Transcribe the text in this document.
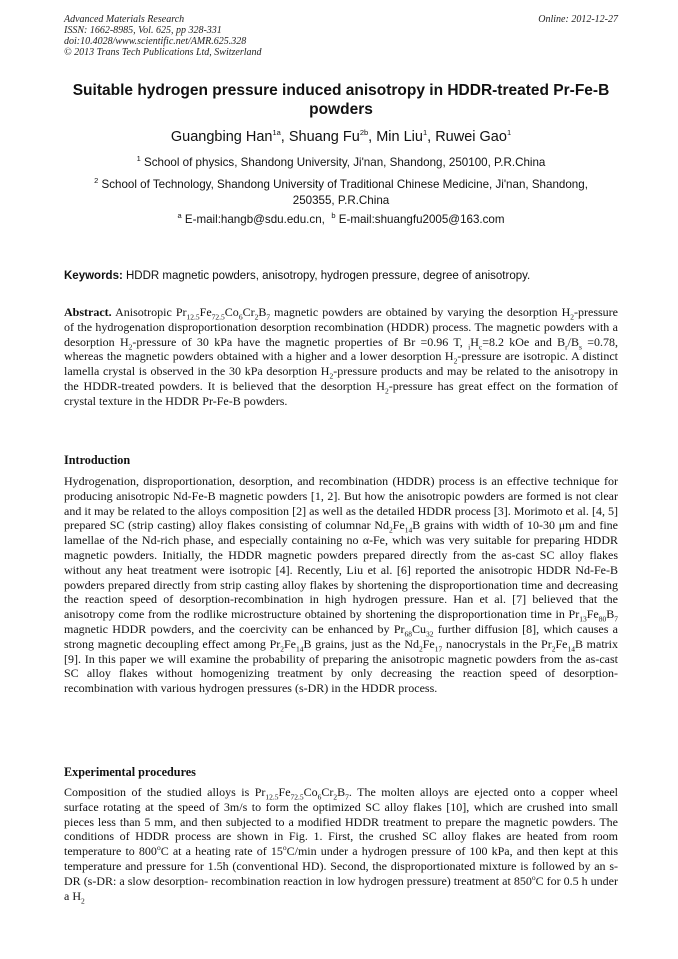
Advanced Materials Research
ISSN: 1662-8985, Vol. 625, pp 328-331
doi:10.4028/www.scientific.net/AMR.625.328
© 2013 Trans Tech Publications Ltd, Switzerland
Online: 2012-12-27
Suitable hydrogen pressure induced anisotropy in HDDR-treated Pr-Fe-B
powders
Guangbing Han$^{1a}$, Shuang $Fu^{2b}$, Min Liu$^1$, Ruwei Gao$^1$
$^1$ School of physics, Shandong University, Ji'nan, Shandong, 250100, P.R.China
$^2$ School of Technology, Shandong University of Traditional Chinese Medicine, Ji'nan, Shandong,
250355, P.R.China
$^a$ E-mail:hangb@sdu.edu.cn, $^b$ E-mail:shuangfu2005@163.com
Keywords: HDDR magnetic powders, anisotropy, hydrogen pressure, degree of anisotropy.

Abstract. Anisotropic $Pr_{12.5}Fe_{72.5}Co_6Cr_2B_7$ magnetic powders are obtained by varying the desorption $H_2$-pressure of the hydrogenation disproportionation desorption recombination (HDDR) process. The magnetic powders with a desorption $H_2$-pressure of 30 kPa have the magnetic properties of Br =0.96 T, $_iH_c=8.2$ kOe and $B_r/B_s =0.78$, whereas the magnetic powders obtained with a higher and a lower desorption $H_2$-pressure are isotropic. A distinct lamella crystal is observed in the 30 kPa desorption $H_2$-pressure products and may be related to the anisotropy in the HDDR-treated powders. It is believed that the desorption $H_2$-pressure has great effect on the formation of crystal texture in the HDDR Pr-Fe-B powders.

Introduction

Hydrogenation, disproportionation, desorption, and recombination (HDDR) process is an effective technique for producing anisotropic Nd-Fe-B magnetic powders [1, 2]. But how the anisotropic powders are formed is not clear and it may be related to the alloys composition [2] as well as the detailed HDDR process [3]. Morimoto et al. [4, 5] prepared SC (strip casting) alloy flakes consisting of columnar $Nd_2Fe_{14}B$ grains with width of 10-30 μm and fine lamellae of the Nd-rich phase, and especially containing no α-Fe, which was very suitable for preparing HDDR magnetic powders. Initially, the HDDR magnetic powders prepared directly from the as-cast SC alloy flakes without any heat treatment were isotropic [4]. Recently, Liu et al. [6] reported the anisotropic HDDR Nd-Fe-B powders prepared directly from strip casting alloy flakes by shortening the disproportionation time and decreasing the reaction speed of desorption-recombination in high hydrogen pressure. Han et al. [7] believed that the anisotropy come from the rodlike microstructure obtained by shortening the disproportionation time in $Pr_{13}Fe_{80}B_7$ magnetic HDDR powders, and the coercivity can be enhanced by $Pr_{68}Cu_{32}$ further diffusion [8], which causes a strong magnetic decoupling effect among $Pr_2Fe_{14}B$ grains, just as the $Nd_2Fe_{17}$ nanocrystals in the $Pr_2Fe_{14}B$ matrix [9]. In this paper we will examine the probability of preparing the anisotropic magnetic powders from the as-cast SC alloy flakes without homogenizing treatment by only decreasing the reaction speed of desorption-recombination with various hydrogen pressures (s-DR) in the HDDR process.

Experimental procedures

Composition of the studied alloys is $Pr_{12.5}Fe_{72.5}Co_6Cr_2B_7$. The molten alloys are ejected onto a copper wheel surface rotating at the speed of 3m/s to form the optimized SC alloy flakes [10], which are crushed into small pieces less than 5 mm, and then subjected to a modified HDDR treatment to prepare the magnetic powders. The conditions of HDDR process are shown in Fig. 1. First, the crushed SC alloy flakes are heated from room temperature to 800$^o$C at a heating rate of 15$^o$C/min under a hydrogen pressure of 100 kPa, and then kept at this temperature and pressure for 1.5h (conventional HD). Second, the disproportionated mixture is followed by an s-DR (s-DR: a slow desorption- recombination reaction in low hydrogen pressure) treatment at 850$^o$C for 0.5 h under a $H_2$
